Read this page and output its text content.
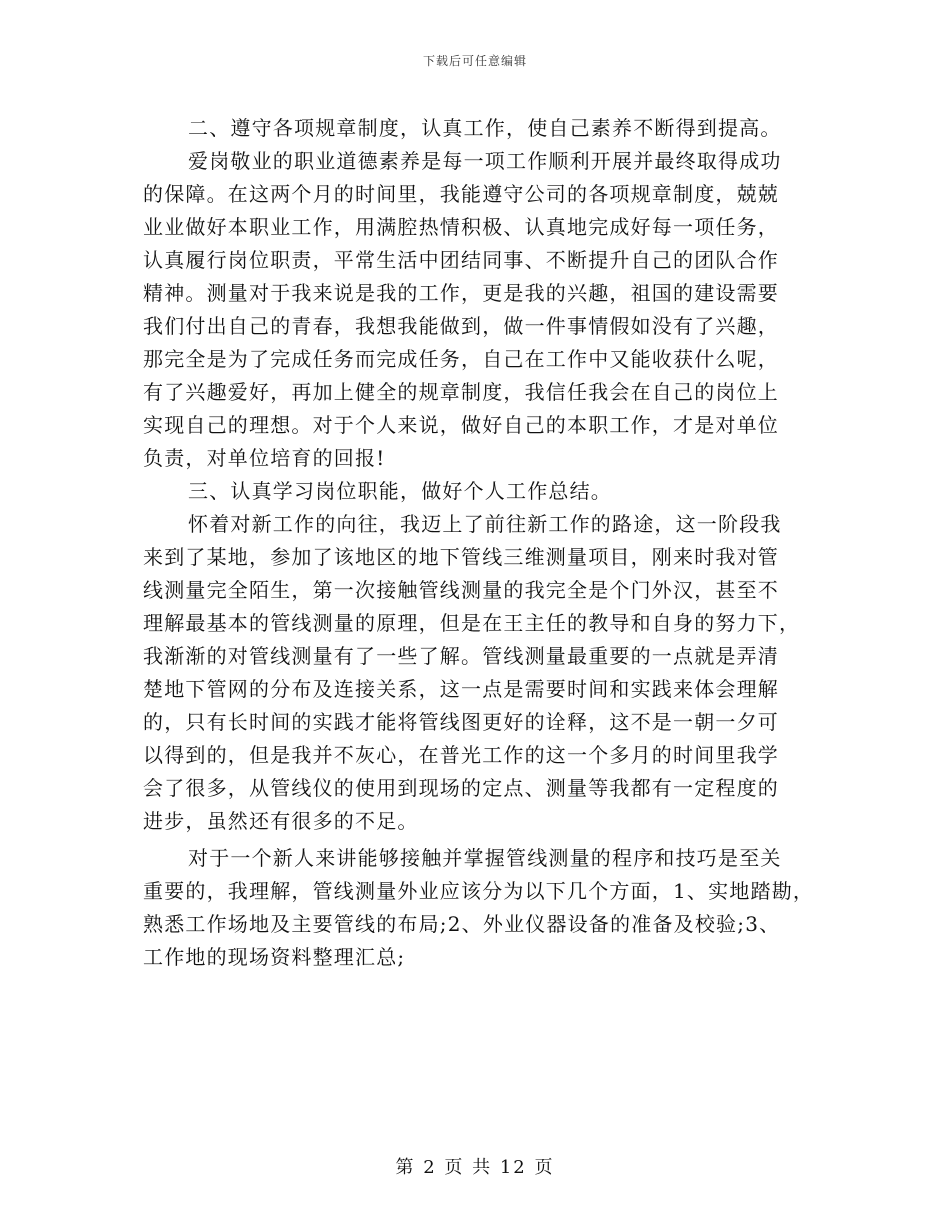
下载后可任意编辑
二、遵守各项规章制度，认真工作，使自己素养不断得到提高。
爱岗敬业的职业道德素养是每一项工作顺利开展并最终取得成功
的保障。在这两个月的时间里，我能遵守公司的各项规章制度，兢兢
业业做好本职业工作，用满腔热情积极、认真地完成好每一项任务，
认真履行岗位职责，平常生活中团结同事、不断提升自己的团队合作
精神。测量对于我来说是我的工作，更是我的兴趣，祖国的建设需要
我们付出自己的青春，我想我能做到，做一件事情假如没有了兴趣，
那完全是为了完成任务而完成任务，自己在工作中又能收获什么呢，
有了兴趣爱好，再加上健全的规章制度，我信任我会在自己的岗位上
实现自己的理想。对于个人来说，做好自己的本职工作，才是对单位
负责，对单位培育的回报!
三、认真学习岗位职能，做好个人工作总结。
怀着对新工作的向往，我迈上了前往新工作的路途，这一阶段我
来到了某地，参加了该地区的地下管线三维测量项目，刚来时我对管
线测量完全陌生，第一次接触管线测量的我完全是个门外汉，甚至不
理解最基本的管线测量的原理，但是在王主任的教导和自身的努力下，
我渐渐的对管线测量有了一些了解。管线测量最重要的一点就是弄清
楚地下管网的分布及连接关系，这一点是需要时间和实践来体会理解
的，只有长时间的实践才能将管线图更好的诠释，这不是一朝一夕可
以得到的，但是我并不灰心，在普光工作的这一个多月的时间里我学
会了很多，从管线仪的使用到现场的定点、测量等我都有一定程度的
进步，虽然还有很多的不足。
对于一个新人来讲能够接触并掌握管线测量的程序和技巧是至关
重要的，我理解，管线测量外业应该分为以下几个方面，1、实地踏勘，
熟悉工作场地及主要管线的布局;2、外业仪器设备的准备及校验;3、
工作地的现场资料整理汇总;
第 2 页 共 12 页
